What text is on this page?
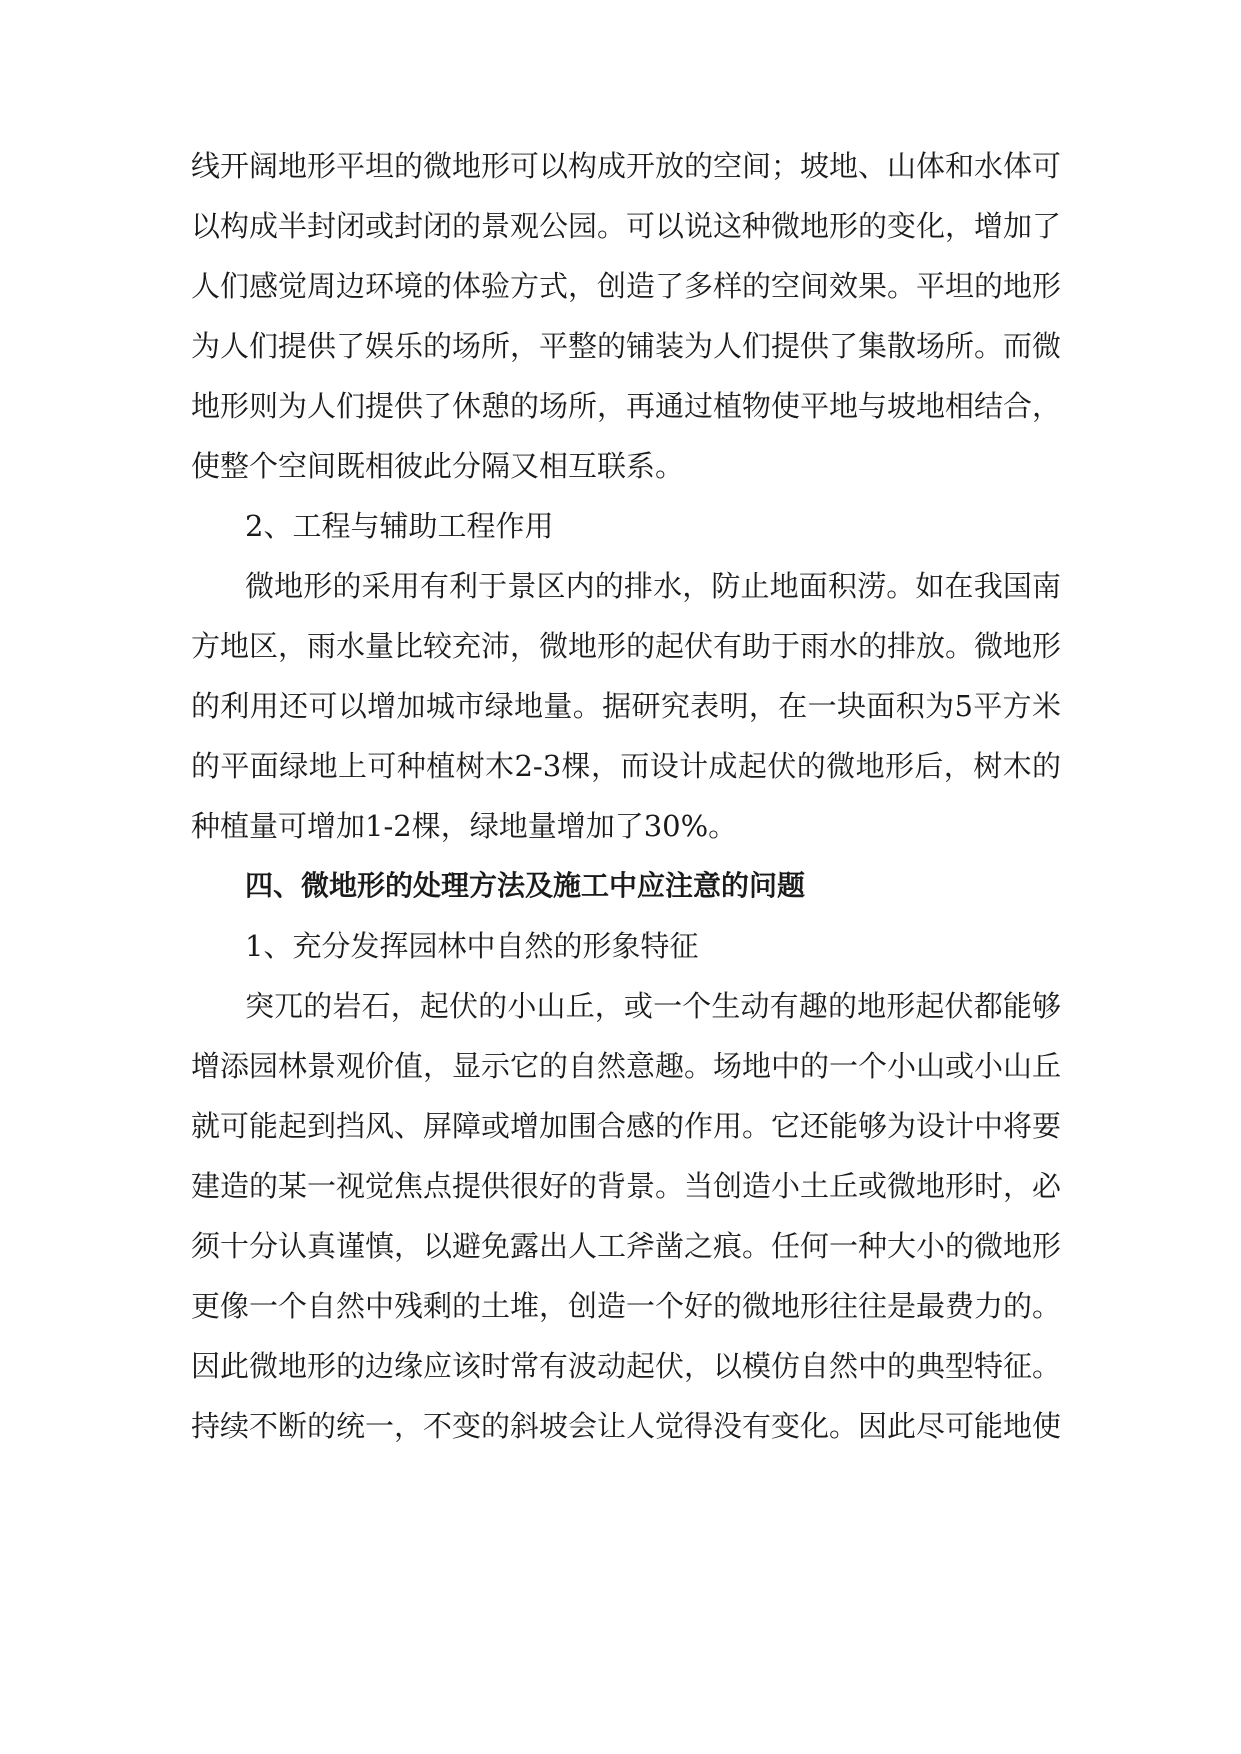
线开阔地形平坦的微地形可以构成开放的空间；坡地、山体和水体可
以构成半封闭或封闭的景观公园。可以说这种微地形的变化，增加了
人们感觉周边环境的体验方式，创造了多样的空间效果。平坦的地形
为人们提供了娱乐的场所，平整的铺装为人们提供了集散场所。而微
地形则为人们提供了休憩的场所，再通过植物使平地与坡地相结合，
使整个空间既相彼此分隔又相互联系。
2、工程与辅助工程作用
微地形的采用有利于景区内的排水，防止地面积涝。如在我国南
方地区，雨水量比较充沛，微地形的起伏有助于雨水的排放。微地形
的利用还可以增加城市绿地量。据研究表明，在一块面积为5平方米
的平面绿地上可种植树木2-3棵，而设计成起伏的微地形后，树木的
种植量可增加1-2棵，绿地量增加了30%。
四、微地形的处理方法及施工中应注意的问题
1、充分发挥园林中自然的形象特征
突兀的岩石，起伏的小山丘，或一个生动有趣的地形起伏都能够
增添园林景观价值，显示它的自然意趣。场地中的一个小山或小山丘
就可能起到挡风、屏障或增加围合感的作用。它还能够为设计中将要
建造的某一视觉焦点提供很好的背景。当创造小土丘或微地形时，必
须十分认真谨慎，以避免露出人工斧凿之痕。任何一种大小的微地形
更像一个自然中残剩的土堆，创造一个好的微地形往往是最费力的。
因此微地形的边缘应该时常有波动起伏，以模仿自然中的典型特征。
持续不断的统一，不变的斜坡会让人觉得没有变化。因此尽可能地使
